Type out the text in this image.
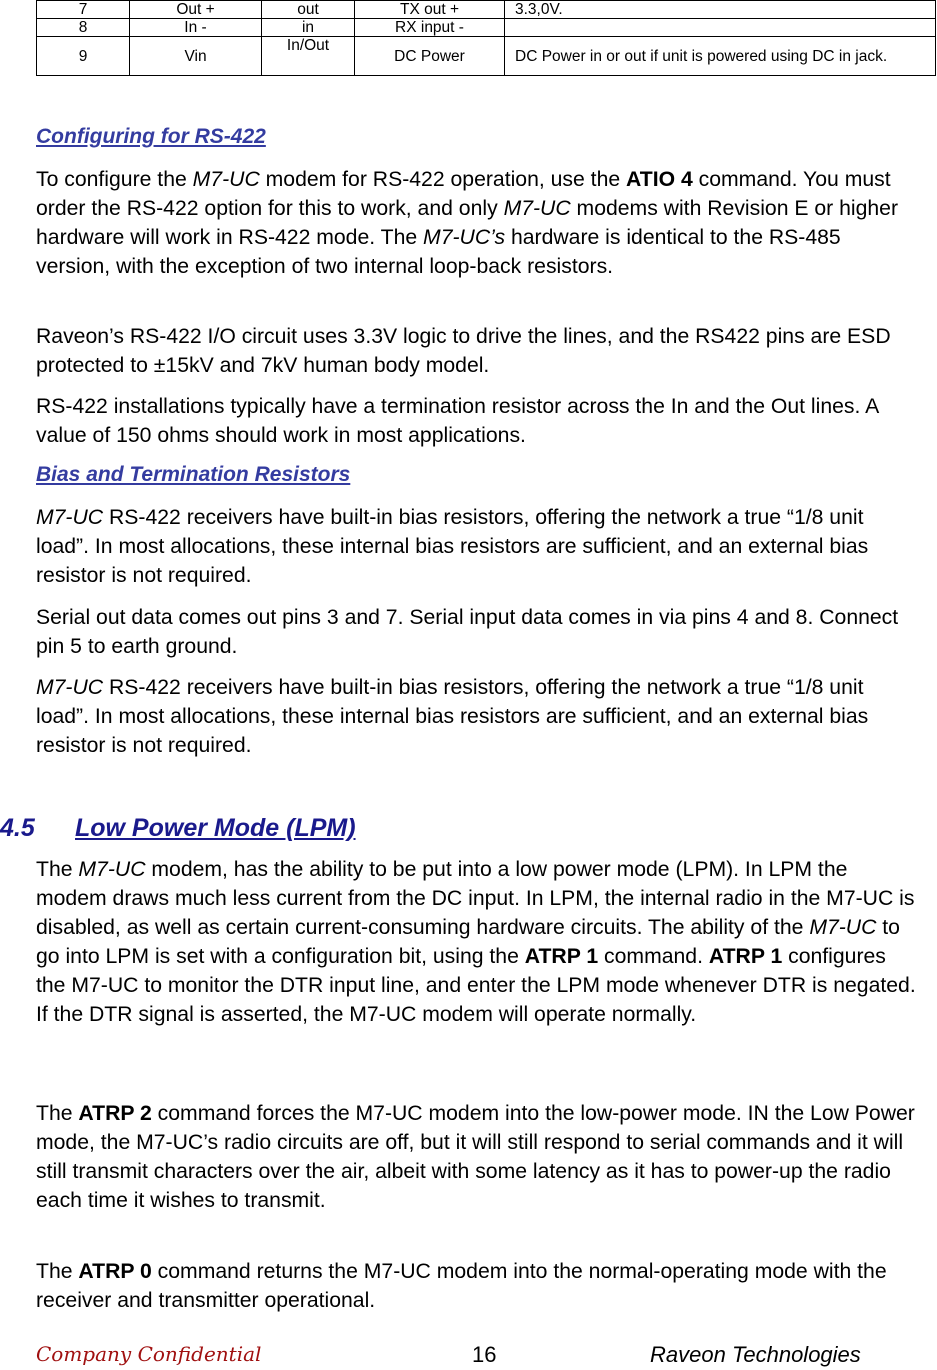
7	Out +	out	TX out +	3.3,0V.
8	In -	in	RX input -	
9	Vin	In/Out	DC Power	DC Power in or out if unit is powered using DC in jack.
Configuring for RS-422
To configure the M7-UC modem for RS-422 operation, use the ATIO 4 command. You must order the RS-422 option for this to work, and only M7-UC modems with Revision E or higher hardware will work in RS-422 mode. The M7-UC’s hardware is identical to the RS-485 version, with the exception of two internal loop-back resistors.
Raveon’s RS-422 I/O circuit uses 3.3V logic to drive the lines, and the RS422 pins are ESD protected to ±15kV and 7kV human body model.
RS-422 installations typically have a termination resistor across the In and the Out lines. A value of 150 ohms should work in most applications.
Bias and Termination Resistors
M7-UC RS-422 receivers have built-in bias resistors, offering the network a true “1/8 unit load”. In most allocations, these internal bias resistors are sufficient, and an external bias resistor is not required.
Serial out data comes out pins 3 and 7. Serial input data comes in via pins 4 and 8. Connect pin 5 to earth ground.
M7-UC RS-422 receivers have built-in bias resistors, offering the network a true “1/8 unit load”. In most allocations, these internal bias resistors are sufficient, and an external bias resistor is not required.
4.5 Low Power Mode (LPM)
The M7-UC modem, has the ability to be put into a low power mode (LPM). In LPM the modem draws much less current from the DC input. In LPM, the internal radio in the M7-UC is disabled, as well as certain current-consuming hardware circuits. The ability of the M7-UC to go into LPM is set with a configuration bit, using the ATRP 1 command. ATRP 1 configures the M7-UC to monitor the DTR input line, and enter the LPM mode whenever DTR is negated. If the DTR signal is asserted, the M7-UC modem will operate normally.
The ATRP 2 command forces the M7-UC modem into the low-power mode. IN the Low Power mode, the M7-UC’s radio circuits are off, but it will still respond to serial commands and it will still transmit characters over the air, albeit with some latency as it has to power-up the radio each time it wishes to transmit.
The ATRP 0 command returns the M7-UC modem into the normal-operating mode with the receiver and transmitter operational.
Company Confidential	16	Raveon Technologies
